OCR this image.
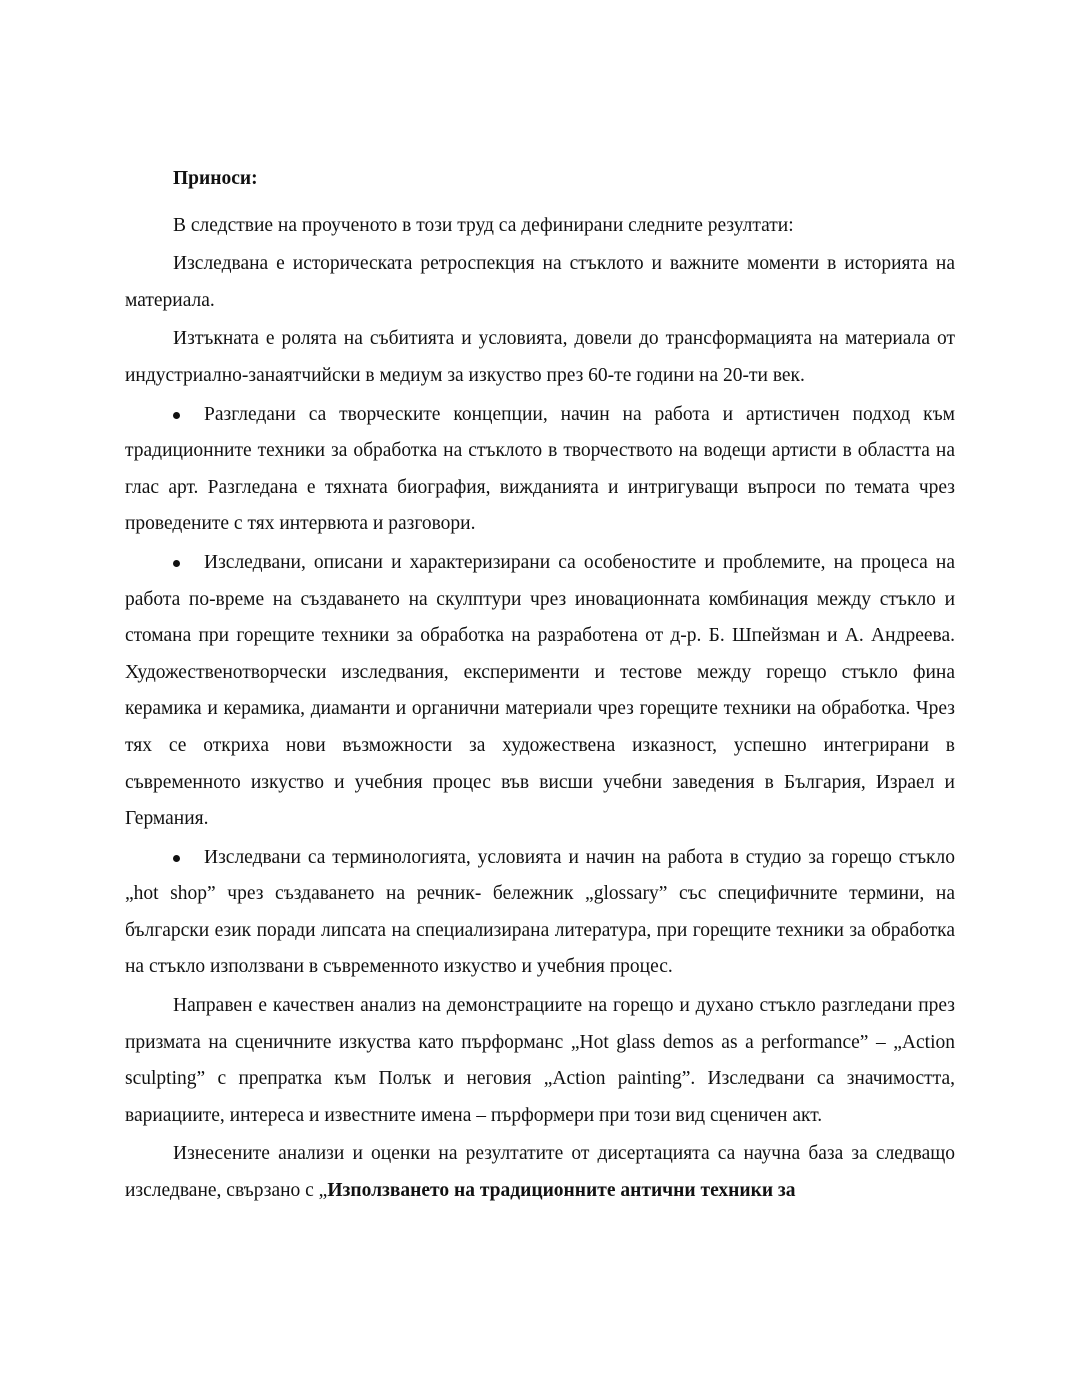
Приноси:

В следствие на проученото в този труд са дефинирани следните резултати:

Изследвана е историческата ретроспекция на стъклото и важните моменти в историята на материала.

Изтъкната е ролята на събитията и условията, довели до трансформацията на материала от индустриално-занаятчийски в медиум за изкуство през 60-те години на 20-ти век.

Разгледани са творческите концепции, начин на работа и артистичен подход към традиционните техники за обработка на стъклото в творчеството на водещи артисти в областта на глас арт. Разгледана е тяхната биография, вижданията и интригуващи въпроси по темата чрез проведените с тях интервюта и разговори.
Изследвани, описани и характеризирани са особеностите и проблемите, на процеса на работа по-време на създаването на скулптури чрез иновационната комбинация между стъкло и стомана при горещите техники за обработка на разработена от д-р. Б. Шпейзман и А. Андреева. Художественотворчески изследвания, експерименти и тестове между горещо стъкло фина керамика и керамика, диаманти и органични материали чрез горещите техники на обработка. Чрез тях се откриха нови възможности за художествена изказност, успешно интегрирани в съвременното изкуство и учебния процес във висши учебни заведения в България, Израел и Германия.
Изследвани са терминологията, условията и начин на работа в студио за горещо стъкло „hot shop” чрез създаването на речник- бележник „glossary” със специфичните термини, на български език поради липсата на специализирана литература, при горещите техники за обработка на стъкло използвани в съвременното изкуство и учебния процес.

Направен е качествен анализ на демонстрациите на горещо и духано стъкло разгледани през призмата на сценичните изкуства като пърформанс „Hot glass demos as a performance” – „Action sculpting” с препратка към Полък и неговия „Action painting”. Изследвани са значимостта, вариациите, интереса и известните имена – пърформери при този вид сценичен акт.

Изнесените анализи и оценки на резултатите от дисертацията са научна база за следващо изследване, свързано с „Използването на традиционните антични техники за
